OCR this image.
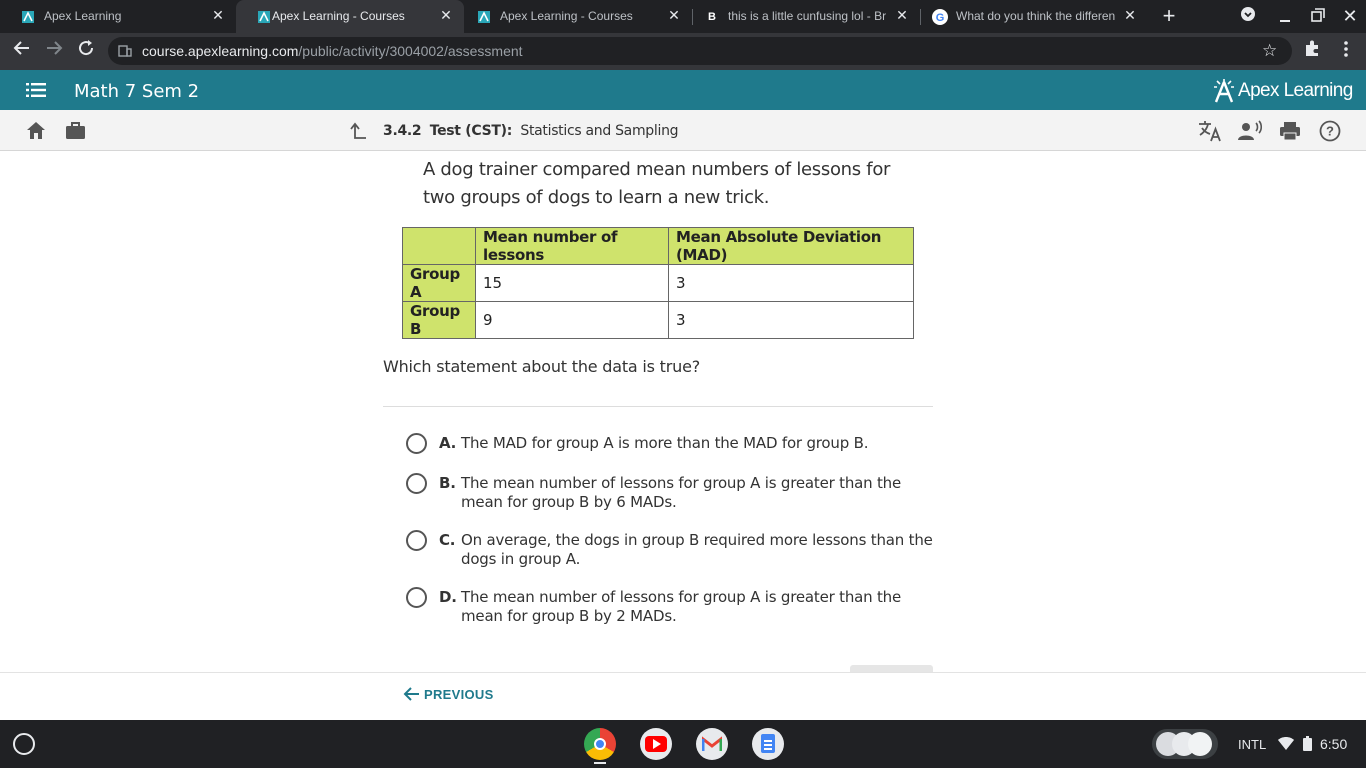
Apex Learning	✕	Apex Learning - Courses	✕	Apex Learning - Courses	✕	B	this is a little cunfusing lol - Br ✕	G What do you think the differen ✕ +	✕
course.apexlearning.com/public/activity/3004002/assessment	☆
Math 7 Sem 2	Apex Learning
3.4.2 Test (CST): Statistics and Sampling	?

A dog trainer compared mean numbers of lessons for two groups of dogs to learn a new trick.

	Mean number of lessons	Mean Absolute Deviation (MAD)
Group A	15	3
Group B	9	3

Which statement about the data is true?

A. The MAD for group A is more than the MAD for group B.
B. The mean number of lessons for group A is greater than the mean for group B by 6 MADs.
C. On average, the dogs in group B required more lessons than the dogs in group A.
D. The mean number of lessons for group A is greater than the mean for group B by 2 MADs.
PREVIOUS
INTL	6:50
